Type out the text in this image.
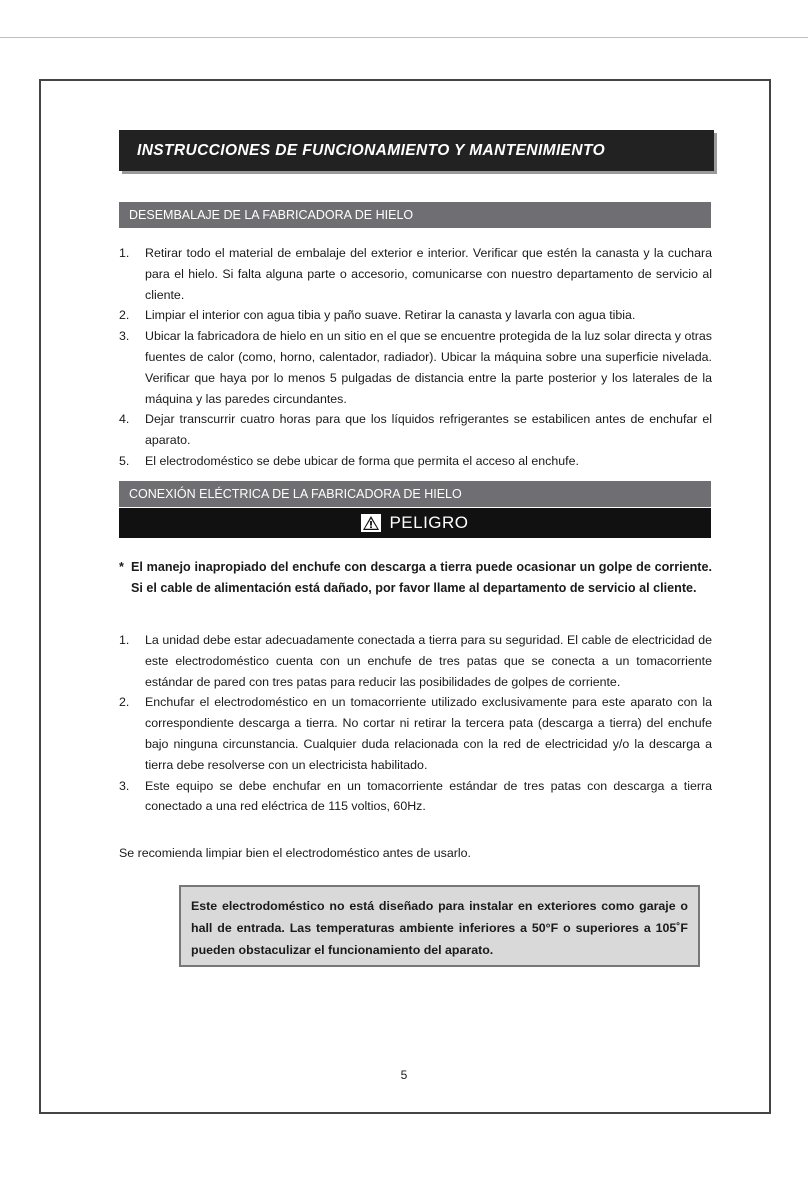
INSTRUCCIONES DE FUNCIONAMIENTO Y MANTENIMIENTO
DESEMBALAJE DE LA FABRICADORA DE HIELO
1. Retirar todo el material de embalaje del exterior e interior. Verificar que estén la canasta y la cuchara para el hielo. Si falta alguna parte o accesorio, comunicarse con nuestro departamento de servicio al cliente.
2. Limpiar el interior con agua tibia y paño suave. Retirar la canasta y lavarla con agua tibia.
3. Ubicar la fabricadora de hielo en un sitio en el que se encuentre protegida de la luz solar directa y otras fuentes de calor (como, horno, calentador, radiador). Ubicar la máquina sobre una superficie nivelada. Verificar que haya por lo menos 5 pulgadas de distancia entre la parte posterior y los laterales de la máquina y las paredes circundantes.
4. Dejar transcurrir cuatro horas para que los líquidos refrigerantes se estabilicen antes de enchufar el aparato.
5. El electrodoméstico se debe ubicar de forma que permita el acceso al enchufe.
CONEXIÓN ELÉCTRICA DE LA FABRICADORA DE HIELO
PELIGRO
* El manejo inapropiado del enchufe con descarga a tierra puede ocasionar un golpe de corriente. Si el cable de alimentación está dañado, por favor llame al departamento de servicio al cliente.
1. La unidad debe estar adecuadamente conectada a tierra para su seguridad. El cable de electricidad de este electrodoméstico cuenta con un enchufe de tres patas que se conecta a un tomacorriente estándar de pared con tres patas para reducir las posibilidades de golpes de corriente.
2. Enchufar el electrodoméstico en un tomacorriente utilizado exclusivamente para este aparato con la correspondiente descarga a tierra. No cortar ni retirar la tercera pata (descarga a tierra) del enchufe bajo ninguna circunstancia. Cualquier duda relacionada con la red de electricidad y/o la descarga a tierra debe resolverse con un electricista habilitado.
3. Este equipo se debe enchufar en un tomacorriente estándar de tres patas con descarga a tierra conectado a una red eléctrica de 115 voltios, 60Hz.
Se recomienda limpiar bien el electrodoméstico antes de usarlo.
Este electrodoméstico no está diseñado para instalar en exteriores como garaje o hall de entrada. Las temperaturas ambiente inferiores a 50°F o superiores a 105˚F pueden obstaculizar el funcionamiento del aparato.
5
